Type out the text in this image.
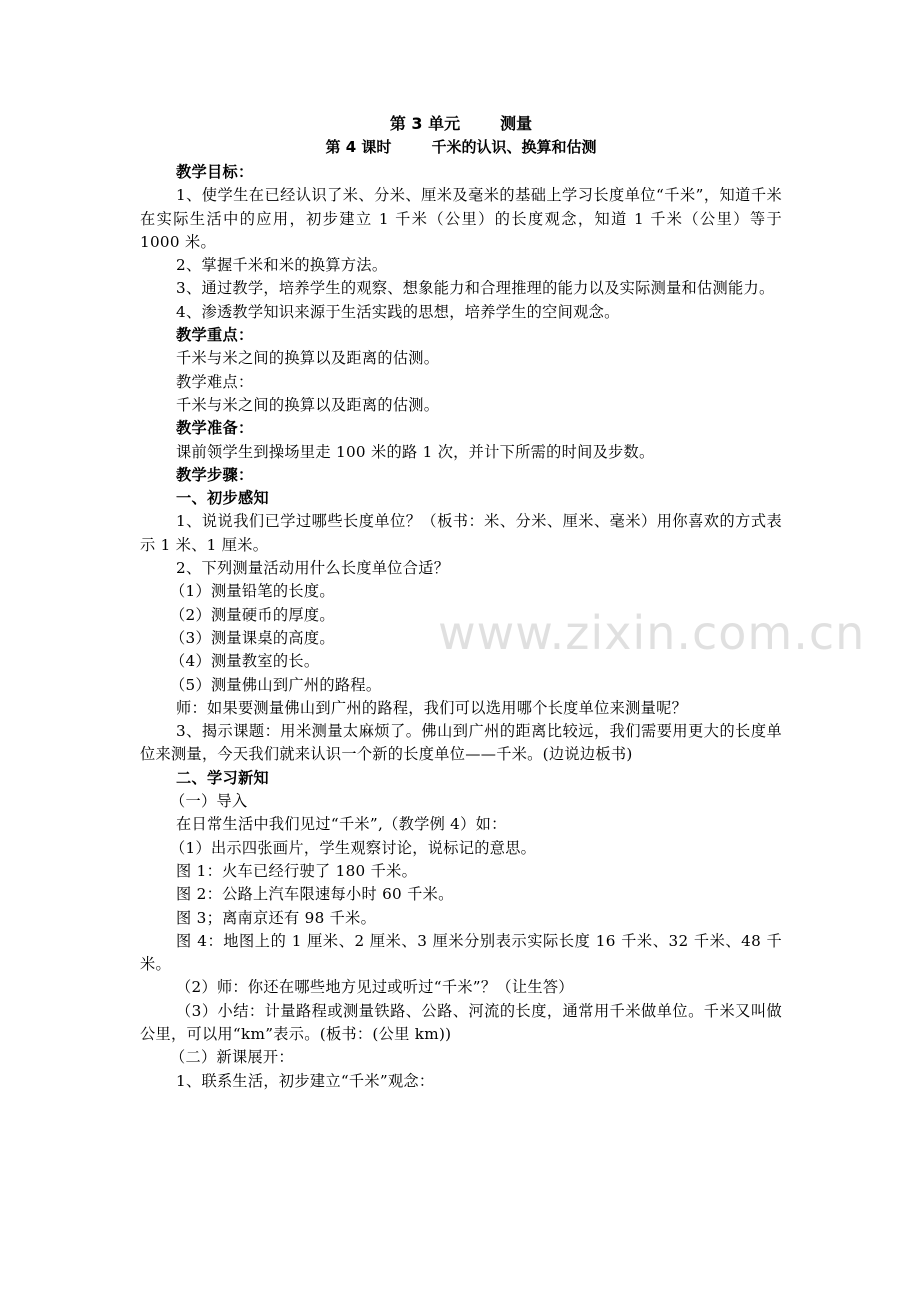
第 3 单元	测量
第 4 课时	千米的认识、换算和估测

教学目标：

1、使学生在已经认识了米、分米、厘米及毫米的基础上学习长度单位“千米”，知道千米在实际生活中的应用，初步建立 1 千米（公里）的长度观念，知道 1 千米（公里）等于 1000 米。

2、掌握千米和米的换算方法。

3、通过教学，培养学生的观察、想象能力和合理推理的能力以及实际测量和估测能力。

4、渗透教学知识来源于生活实践的思想，培养学生的空间观念。

教学重点：

千米与米之间的换算以及距离的估测。

教学难点：

千米与米之间的换算以及距离的估测。

教学准备：

课前领学生到操场里走 100 米的路 1 次，并计下所需的时间及步数。

教学步骤：

一、初步感知

1、说说我们已学过哪些长度单位？（板书：米、分米、厘米、毫米）用你喜欢的方式表示 1 米、1 厘米。

2、下列测量活动用什么长度单位合适？

（1）测量铅笔的长度。

（2）测量硬币的厚度。

（3）测量课桌的高度。

（4）测量教室的长。

（5）测量佛山到广州的路程。

师：如果要测量佛山到广州的路程，我们可以选用哪个长度单位来测量呢？

3、揭示课题：用米测量太麻烦了。佛山到广州的距离比较远，我们需要用更大的长度单位来测量，今天我们就来认识一个新的长度单位——千米。(边说边板书)

二、学习新知

（一）导入

在日常生活中我们见过“千米”,（教学例 4）如：

（1）出示四张画片，学生观察讨论，说标记的意思。

图 1：火车已经行驶了 180 千米。

图 2：公路上汽车限速每小时 60 千米。

图 3；离南京还有 98 千米。

图 4：地图上的 1 厘米、2 厘米、3 厘米分别表示实际长度 16 千米、32 千米、48 千米。

（2）师：你还在哪些地方见过或听过“千米”？（让生答）

（3）小结：计量路程或测量铁路、公路、河流的长度，通常用千米做单位。千米又叫做公里，可以用“km”表示。(板书：(公里 km))

（二）新课展开：

1、联系生活，初步建立“千米”观念：

www.zixin.com.cn
